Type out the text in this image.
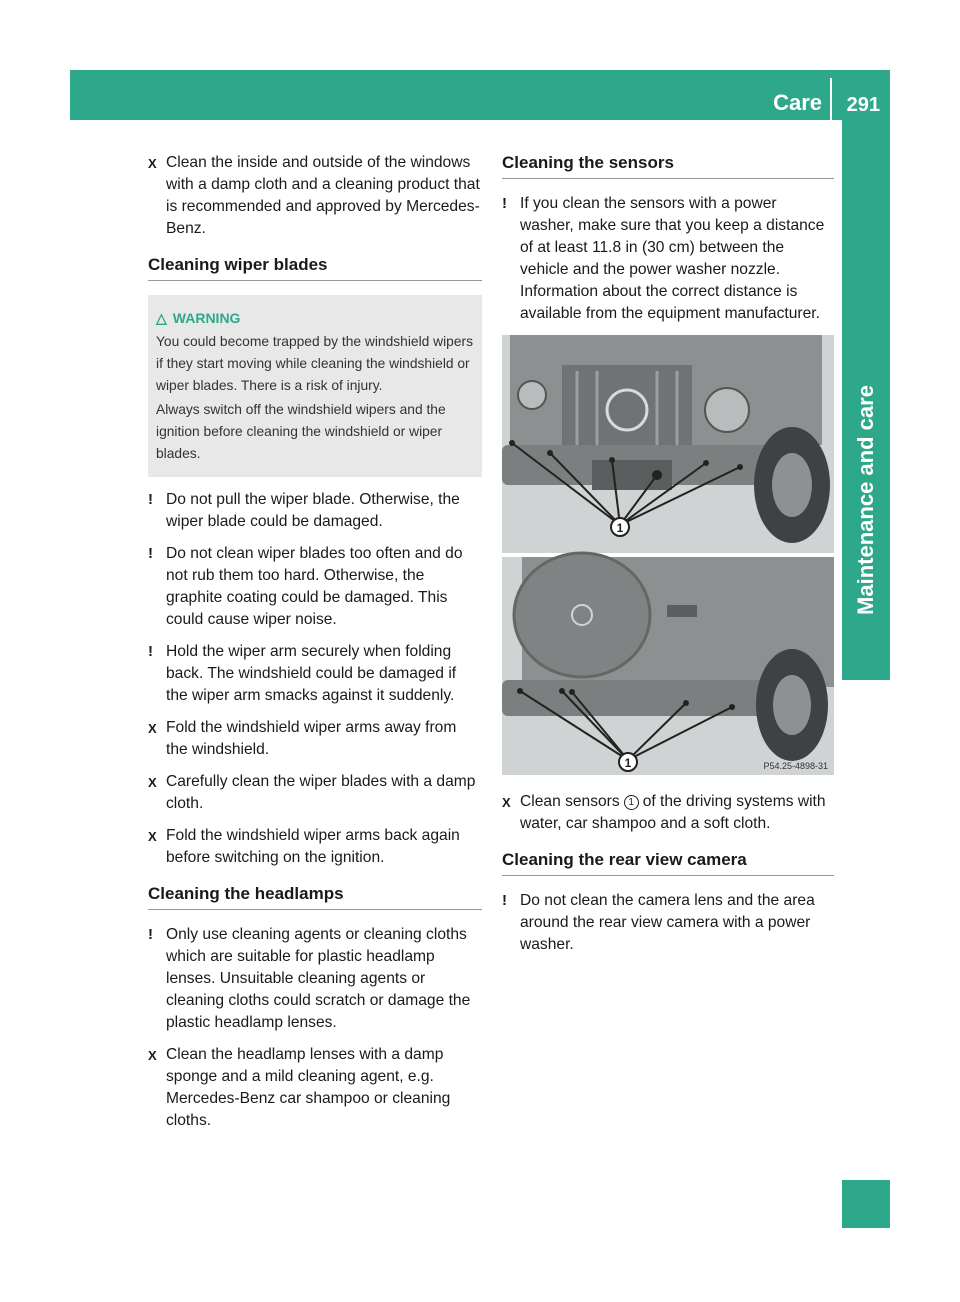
Care 291
Maintenance and care

X Clean the inside and outside of the windows with a damp cloth and a cleaning product that is recommended and approved by Mercedes-Benz.

Cleaning wiper blades
△ WARNING

You could become trapped by the windshield wipers if they start moving while cleaning the windshield or wiper blades. There is a risk of injury.

Always switch off the windshield wipers and the ignition before cleaning the windshield or wiper blades.

! Do not pull the wiper blade. Otherwise, the wiper blade could be damaged.

! Do not clean wiper blades too often and do not rub them too hard. Otherwise, the graphite coating could be damaged. This could cause wiper noise.

! Hold the wiper arm securely when folding back. The windshield could be damaged if the wiper arm smacks against it suddenly.

X Fold the windshield wiper arms away from the windshield.

X Carefully clean the wiper blades with a damp cloth.

X Fold the windshield wiper arms back again before switching on the ignition.

Cleaning the headlamps

! Only use cleaning agents or cleaning cloths which are suitable for plastic headlamp lenses. Unsuitable cleaning agents or cleaning cloths could scratch or damage the plastic headlamp lenses.

X Clean the headlamp lenses with a damp sponge and a mild cleaning agent, e.g. Mercedes-Benz car shampoo or cleaning cloths.

Cleaning the sensors

! If you clean the sensors with a power washer, make sure that you keep a distance of at least 11.8 in (30 cm) between the vehicle and the power washer nozzle. Information about the correct distance is available from the equipment manufacturer.

1
1	P54.25-4898-31

X Clean sensors 1 of the driving systems with water, car shampoo and a soft cloth.

Cleaning the rear view camera

! Do not clean the camera lens and the area around the rear view camera with a power washer.
